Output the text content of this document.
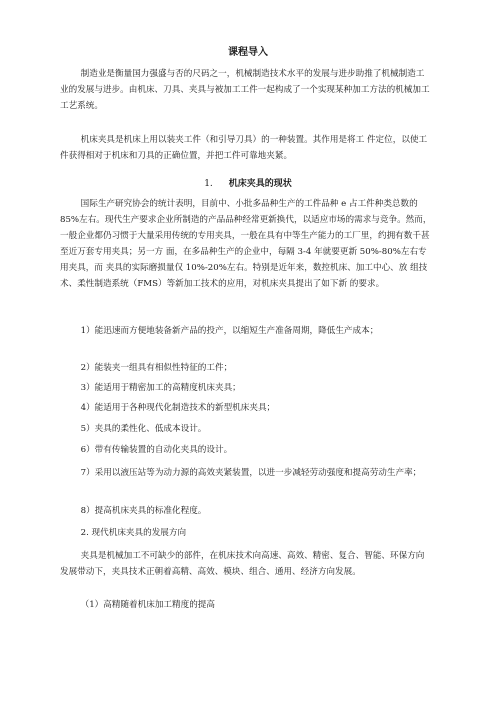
课程导入
制造业是衡量国力强盛与否的尺码之一，机械制造技术水平的发展与进步助推了机械制造工业的发展与进步。由机床、刀具、夹具与被加工工件一起构成了一个实现某种加工方法的机械加工工艺系统。
机床夹具是机床上用以装夹工件（和引导刀具）的一种装置。其作用是将工 件定位，以使工件获得相对于机床和刀具的正确位置，并把工件可靠地夹紧。
1. 机床夹具的现状
国际生产研究协会的统计表明，目前中、小批多品种生产的工件品种 e 占工件种类总数的 85%左右。现代生产要求企业所制造的产品品种经常更新换代，以适应市场的需求与竞争。然而，一般企业都仍习惯于大量采用传统的专用夹具，一般在具有中等生产能力的工厂里，约拥有数千甚至近万套专用夹具；另一方 面，在多品种生产的企业中，每隔 3-4 年就要更新 50%-80%左右专用夹具，而 夹具的实际磨损量仅 10%-20%左右。特别是近年来，数控机床、加工中心、放 组技术、柔性制造系统（FMS）等新加工技术的应用，对机床夹具提出了如下新 的要求。
1）能迅速而方便地装备新产品的投产，以缩短生产准备周期，降低生产成本；
2）能装夹一组具有相似性特征的工件；
3）能适用于精密加工的高精度机床夹具；
4）能适用于各种现代化制造技术的新型机床夹具；
5）夹具的柔性化、低成本设计。
6）带有传输装置的自动化夹具的设计。
7）采用以液压站等为动力源的高效夹紧装置，以进一步减轻劳动强度和提高劳动生产率；
8）提高机床夹具的标准化程度。
2. 现代机床夹具的发展方向
夹具是机械加工不可缺少的部件，在机床技术向高速、高效、精密、复合、智能、环保方向发展带动下，夹具技术正朝着高精、高效、模块、组合、通用、经济方向发展。
（1）高精随着机床加工精度的提高
